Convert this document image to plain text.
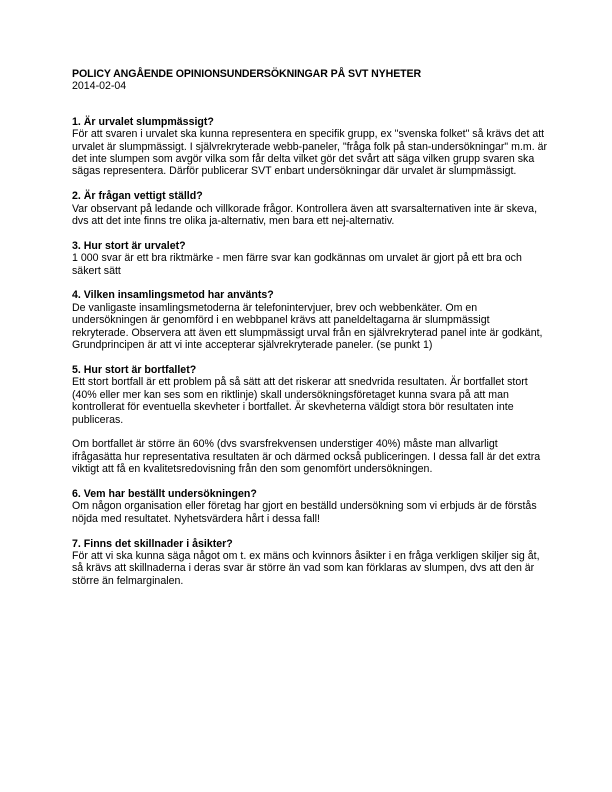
POLICY ANGÅENDE OPINIONSUNDERSÖKNINGAR PÅ SVT NYHETER

2014-02-04

1. Är urvalet slumpmässigt?

För att svaren i urvalet ska kunna representera en specifik grupp, ex "svenska folket" så krävs det att urvalet är slumpmässigt. I självrekryterade webb-paneler, "fråga folk på stan-undersökningar" m.m. är det inte slumpen som avgör vilka som får delta vilket gör det svårt att säga vilken grupp svaren ska sägas representera. Därför publicerar SVT enbart undersökningar där urvalet är slumpmässigt.

2. Är frågan vettigt ställd?

Var observant på ledande och villkorade frågor. Kontrollera även att svarsalternativen inte är skeva, dvs att det inte finns tre olika ja-alternativ, men bara ett nej-alternativ.

3. Hur stort är urvalet?

1 000 svar är ett bra riktmärke - men färre svar kan godkännas om urvalet är gjort på ett bra och säkert sätt

4. Vilken insamlingsmetod har använts?

De vanligaste insamlingsmetoderna är telefonintervjuer, brev och webbenkäter. Om en undersökningen är genomförd i en webbpanel krävs att paneldeltagarna är slumpmässigt rekryterade. Observera att även ett slumpmässigt urval från en självrekryterad panel inte är godkänt, Grundprincipen är att vi inte accepterar självrekryterade paneler. (se punkt 1)

5. Hur stort är bortfallet?

Ett stort bortfall är ett problem på så sätt att det riskerar att snedvrida resultaten. Är bortfallet stort (40% eller mer kan ses som en riktlinje) skall undersökningsföretaget kunna svara på att man kontrollerat för eventuella skevheter i bortfallet. Är skevheterna väldigt stora bör resultaten inte publiceras.

Om bortfallet är större än 60% (dvs svarsfrekvensen understiger 40%) måste man allvarligt ifrågasätta hur representativa resultaten är och därmed också publiceringen. I dessa fall är det extra viktigt att få en kvalitetsredovisning från den som genomfört undersökningen.

6. Vem har beställt undersökningen?

Om någon organisation eller företag har gjort en beställd undersökning som vi erbjuds är de förstås nöjda med resultatet. Nyhetsvärdera hårt i dessa fall!

7. Finns det skillnader i åsikter?

För att vi ska kunna säga något om t. ex mäns och kvinnors åsikter i en fråga verkligen skiljer sig åt, så krävs att skillnaderna i deras svar är större än vad som kan förklaras av slumpen, dvs att den är större än felmarginalen.
